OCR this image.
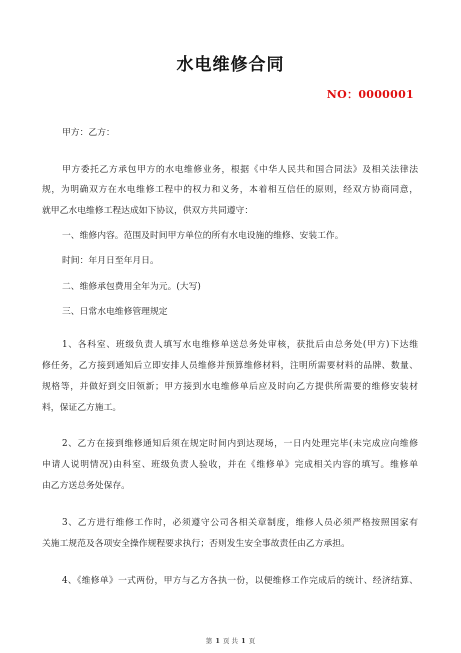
水电维修合同
NO：0000001
甲方：乙方：
甲方委托乙方承包甲方的水电维修业务，根据《中华人民共和国合同法》及相关法律法
规，为明确双方在水电维修工程中的权力和义务，本着相互信任的原则，经双方协商同意，
就甲乙水电维修工程达成如下协议，供双方共同遵守：
一、维修内容。范围及时间甲方单位的所有水电设施的维修、安装工作。
时间：年月日至年月日。
二、维修承包费用全年为元。(大写)
三、日常水电维修管理规定
1、各科室、班级负责人填写水电维修单送总务处审核，获批后由总务处(甲方)下达维
修任务，乙方接到通知后立即安排人员维修并预算维修材料，注明所需要材料的品牌、数量、
规格等，并做好到交旧领新；甲方接到水电维修单后应及时向乙方提供所需要的维修安装材
料，保证乙方施工。
2、乙方在接到维修通知后须在规定时间内到达现场，一日内处理完毕(未完成应向维修
申请人说明情况)由科室、班级负责人验收，并在《维修单》完成相关内容的填写。维修单
由乙方送总务处保存。
3、乙方进行维修工作时，必须遵守公司各相关章制度，维修人员必须严格按照国家有
关施工规范及各项安全操作规程要求执行；否则发生安全事故责任由乙方承担。
4、《维修单》一式两份，甲方与乙方各执一份，以便维修工作完成后的统计、经济结算、
第 1 页 共 1 页
